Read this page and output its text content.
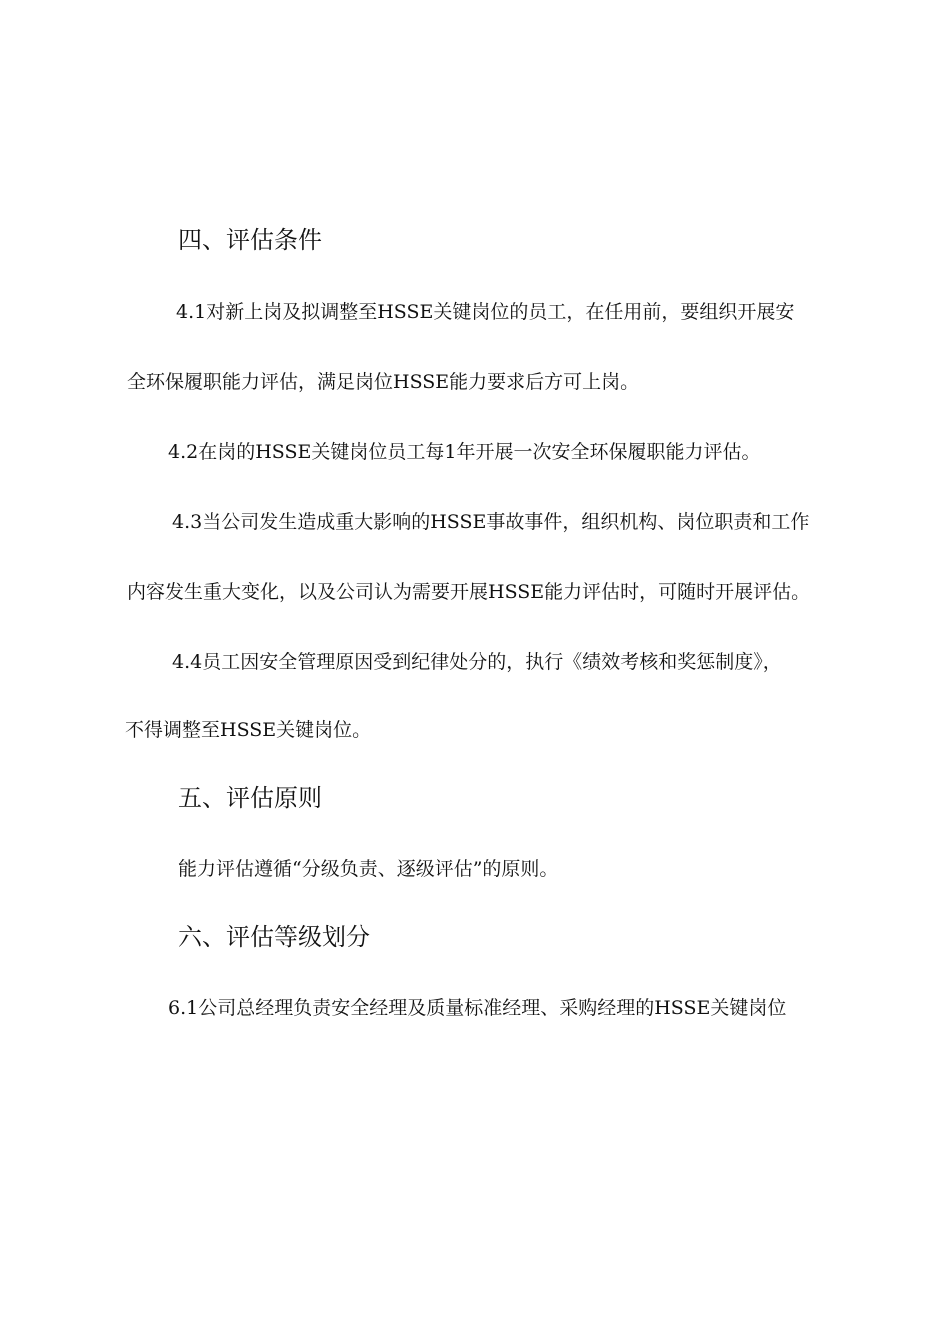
四、评估条件
4.1对新上岗及拟调整至HSSE关键岗位的员工，在任用前，要组织开展安
全环保履职能力评估，满足岗位HSSE能力要求后方可上岗。
4.2在岗的HSSE关键岗位员工每1年开展一次安全环保履职能力评估。
4.3当公司发生造成重大影响的HSSE事故事件，组织机构、岗位职责和工作
内容发生重大变化，以及公司认为需要开展HSSE能力评估时，可随时开展评估。
4.4员工因安全管理原因受到纪律处分的，执行《绩效考核和奖惩制度》，
不得调整至HSSE关键岗位。
五、评估原则
能力评估遵循“分级负责、逐级评估”的原则。
六、评估等级划分
6.1公司总经理负责安全经理及质量标准经理、采购经理的HSSE关键岗位
